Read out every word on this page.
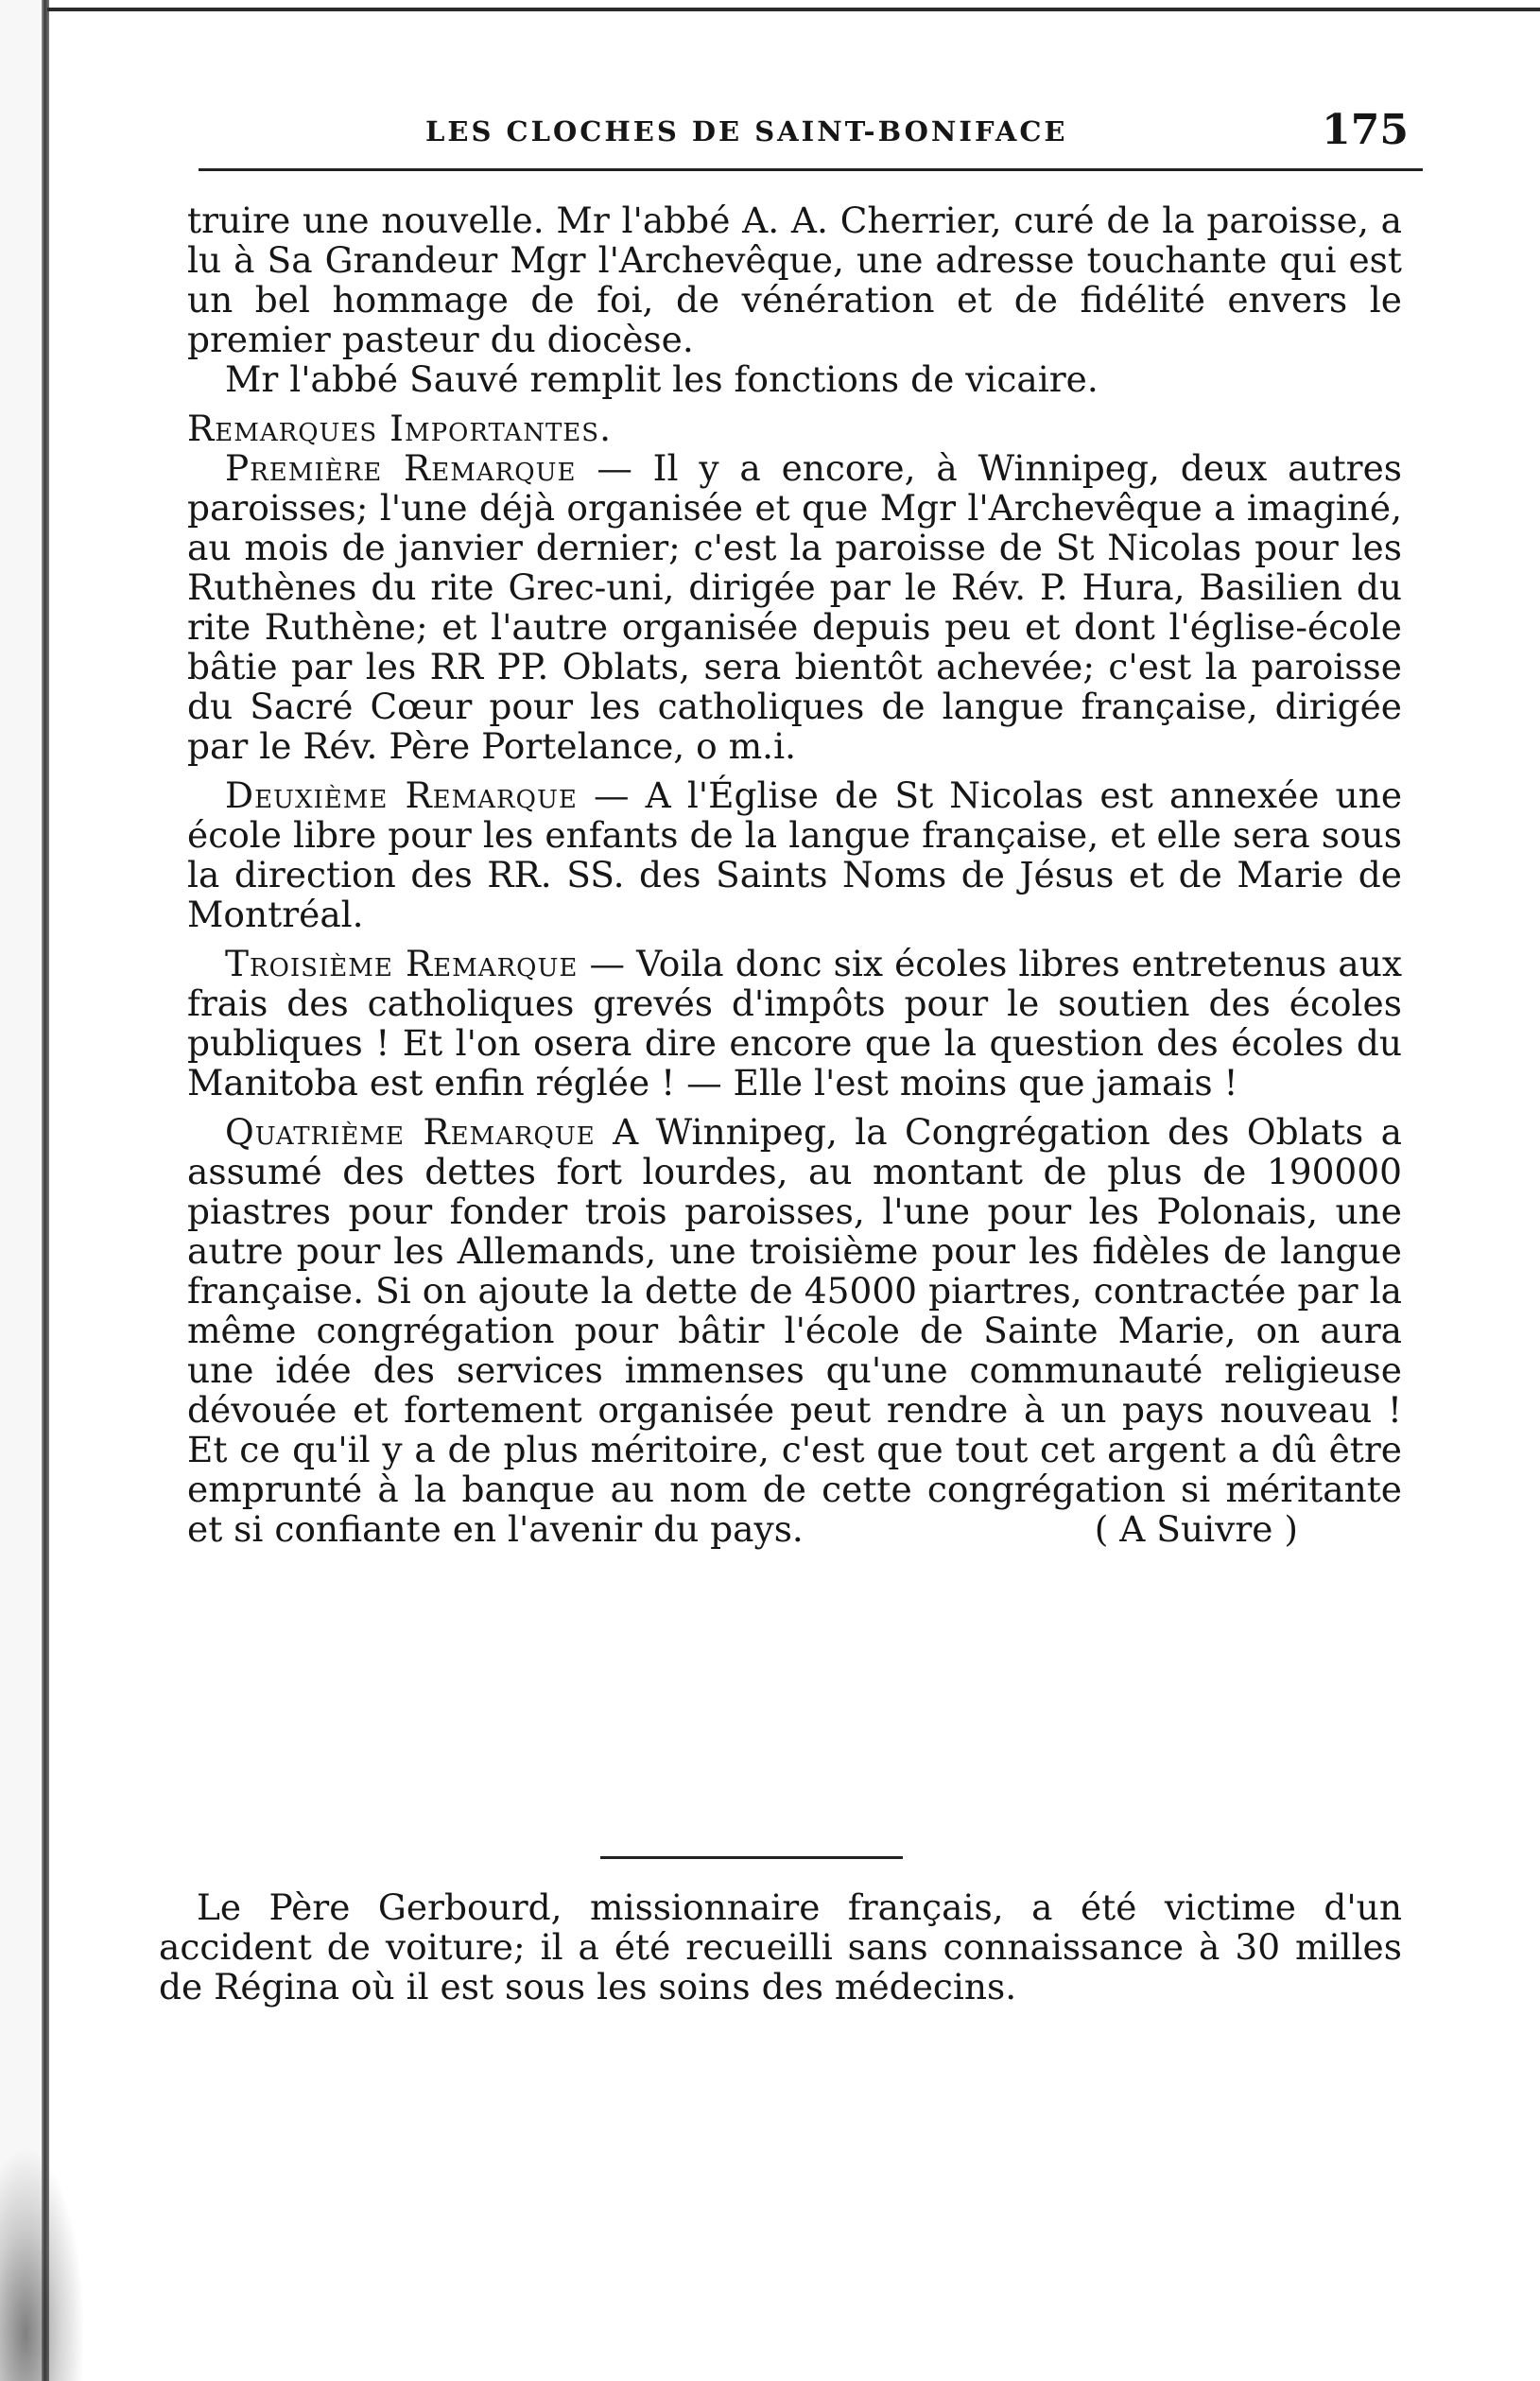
LES CLOCHES DE SAINT-BONIFACE	175

truire une nouvelle. Mr l'abbé A. A. Cherrier, curé de la paroisse, a lu à Sa Grandeur Mgr l'Archevêque, une adresse touchante qui est un bel hommage de foi, de vénération et de fidélité envers le premier pasteur du diocèse.

Mr l'abbé Sauvé remplit les fonctions de vicaire.

Remarques Importantes.

Première Remarque — Il y a encore, à Winnipeg, deux autres paroisses; l'une déjà organisée et que Mgr l'Archevêque a imaginé, au mois de janvier dernier; c'est la paroisse de St Nicolas pour les Ruthènes du rite Grec-uni, dirigée par le Rév. P. Hura, Basilien du rite Ruthène; et l'autre organisée depuis peu et dont l'église-école bâtie par les RR PP. Oblats, sera bientôt achevée; c'est la paroisse du Sacré Cœur pour les catholiques de langue française, dirigée par le Rév. Père Portelance, o m.i.

Deuxième Remarque — A l'Église de St Nicolas est annexée une école libre pour les enfants de la langue française, et elle sera sous la direction des RR. SS. des Saints Noms de Jésus et de Marie de Montréal.

Troisième Remarque — Voila donc six écoles libres entretenus aux frais des catholiques grevés d'impôts pour le soutien des écoles publiques ! Et l'on osera dire encore que la question des écoles du Manitoba est enfin réglée ! — Elle l'est moins que jamais !

Quatrième Remarque A Winnipeg, la Congrégation des Oblats a assumé des dettes fort lourdes, au montant de plus de 190000 piastres pour fonder trois paroisses, l'une pour les Polonais, une autre pour les Allemands, une troisième pour les fidèles de langue française. Si on ajoute la dette de 45000 piartres, contractée par la même congrégation pour bâtir l'école de Sainte Marie, on aura une idée des services immenses qu'une communauté religieuse dévouée et fortement organisée peut rendre à un pays nouveau ! Et ce qu'il y a de plus méritoire, c'est que tout cet argent a dû être emprunté à la banque au nom de cette congrégation si méritante et si confiante en l'avenir du pays.	( A Suivre )

Le Père Gerbourd, missionnaire français, a été victime d'un accident de voiture; il a été recueilli sans connaissance à 30 milles de Régina où il est sous les soins des médecins.
